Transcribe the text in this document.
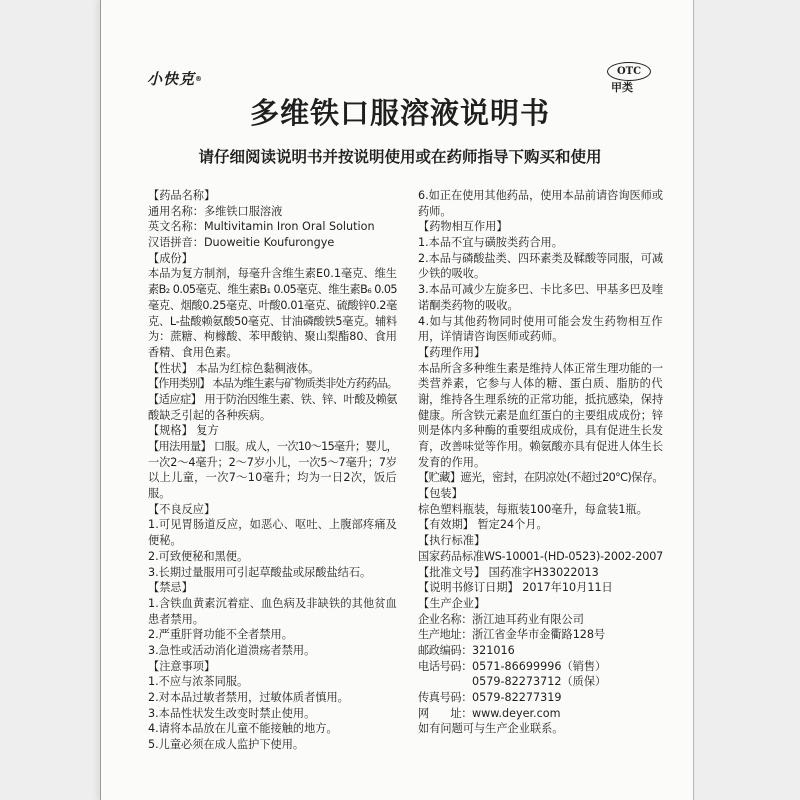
小快克®
OTC
甲类
多维铁口服溶液说明书
请仔细阅读说明书并按说明使用或在药师指导下购买和使用
【药品名称】
通用名称：多维铁口服溶液
英文名称：Multivitamin Iron Oral Solution
汉语拼音：Duoweitie Koufurongye
【成份】
本品为复方制剂，每毫升含维生素E0.1毫克、维生
素B₂ 0.05毫克、维生素B₁ 0.05毫克、维生素B₆ 0.05
毫克、烟酸0.25毫克、叶酸0.01毫克、硫酸锌0.2毫
克、L-盐酸赖氨酸50毫克、甘油磷酸铁5毫克。辅料
为：蔗糖、枸橼酸、苯甲酸钠、聚山梨酯80、食用
香精、食用色素。
【性状】 本品为红棕色黏稠液体。
【作用类别】 本品为维生素与矿物质类非处方药药品。
【适应症】 用于防治因维生素、铁、锌、叶酸及赖氨
酸缺乏引起的各种疾病。
【规格】 复方
【用法用量】 口服。成人，一次10～15毫升；婴儿，
一次2～4毫升；2～7岁小儿，一次5～7毫升；7岁
以上儿童，一次7～10毫升；均为一日2次，饭后
服。
【不良反应】
1.可见胃肠道反应，如恶心、呕吐、上腹部疼痛及
便秘。
2.可致便秘和黑便。
3.长期过量服用可引起草酸盐或尿酸盐结石。
【禁忌】
1.含铁血黄素沉着症、血色病及非缺铁的其他贫血
患者禁用。
2.严重肝肾功能不全者禁用。
3.急性或活动消化道溃疡者禁用。
【注意事项】
1.不应与浓茶同服。
2.对本品过敏者禁用，过敏体质者慎用。
3.本品性状发生改变时禁止使用。
4.请将本品放在儿童不能接触的地方。
5.儿童必须在成人监护下使用。
6.如正在使用其他药品，使用本品前请咨询医师或
药师。
【药物相互作用】
1.本品不宜与磺胺类药合用。
2.本品与磷酸盐类、四环素类及鞣酸等同服，可减
少铁的吸收。
3.本品可减少左旋多巴、卡比多巴、甲基多巴及喹
诺酮类药物的吸收。
4.如与其他药物同时使用可能会发生药物相互作
用，详情请咨询医师或药师。
【药理作用】
本品所含多种维生素是维持人体正常生理功能的一
类营养素，它参与人体的糖、蛋白质、脂肪的代
谢，维持各生理系统的正常功能，抵抗感染，保持
健康。所含铁元素是血红蛋白的主要组成成份；锌
则是体内多种酶的重要组成成份，具有促进生长发
育，改善味觉等作用。赖氨酸亦具有促进人体生长
发育的作用。
【贮藏】遮光，密封，在阴凉处(不超过20°C)保存。
【包装】
棕色塑料瓶装，每瓶装100毫升，每盒装1瓶。
【有效期】 暂定24个月。
【执行标准】
国家药品标准WS-10001-(HD-0523)-2002-2007
【批准文号】 国药准字H33022013
【说明书修订日期】 2017年10月11日
【生产企业】
企业名称：浙江迪耳药业有限公司
生产地址：浙江省金华市金衢路128号
邮政编码：321016
电话号码：0571-86699996（销售）
0579-82273712（质保）
传真号码：0579-82277319
网　　址：www.deyer.com
如有问题可与生产企业联系。
